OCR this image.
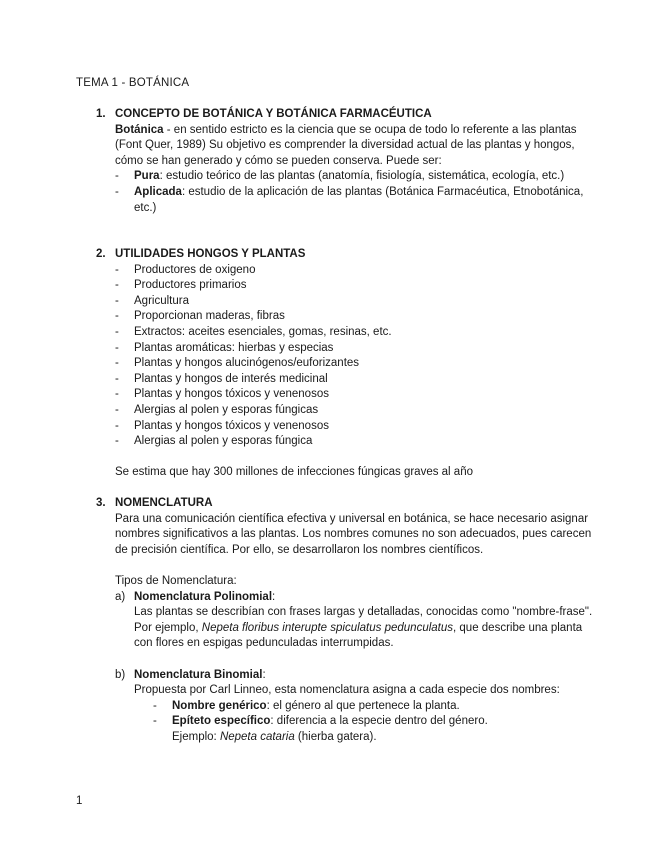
TEMA 1 - BOTÁNICA
1. CONCEPTO DE BOTÁNICA Y BOTÁNICA FARMACÉUTICA
Botánica - en sentido estricto es la ciencia que se ocupa de todo lo referente a las plantas (Font Quer, 1989) Su objetivo es comprender la diversidad actual de las plantas y hongos, cómo se han generado y cómo se pueden conserva. Puede ser:
-	Pura: estudio teórico de las plantas (anatomía, fisiología, sistemática, ecología, etc.)
-	Aplicada: estudio de la aplicación de las plantas (Botánica Farmacéutica, Etnobotánica, etc.)
2. UTILIDADES HONGOS Y PLANTAS
-	Productores de oxigeno
-	Productores primarios
-	Agricultura
-	Proporcionan maderas, fibras
-	Extractos: aceites esenciales, gomas, resinas, etc.
-	Plantas aromáticas: hierbas y especias
-	Plantas y hongos alucinógenos/euforizantes
-	Plantas y hongos de interés medicinal
-	Plantas y hongos tóxicos y venenosos
-	Alergias al polen y esporas fúngicas
-	Plantas y hongos tóxicos y venenosos
-	Alergias al polen y esporas fúngica
Se estima que hay 300 millones de infecciones fúngicas graves al año
3. NOMENCLATURA
Para una comunicación científica efectiva y universal en botánica, se hace necesario asignar nombres significativos a las plantas. Los nombres comunes no son adecuados, pues carecen de precisión científica. Por ello, se desarrollaron los nombres científicos.
Tipos de Nomenclatura:
a) Nomenclatura Polinomial:
Las plantas se describían con frases largas y detalladas, conocidas como "nombre-frase". Por ejemplo, Nepeta floribus interupte spiculatus pedunculatus, que describe una planta con flores en espigas pedunculadas interrumpidas.
b) Nomenclatura Binomial:
Propuesta por Carl Linneo, esta nomenclatura asigna a cada especie dos nombres:
-	Nombre genérico: el género al que pertenece la planta.
-	Epíteto específico: diferencia a la especie dentro del género.
Ejemplo: Nepeta cataria (hierba gatera).
1
